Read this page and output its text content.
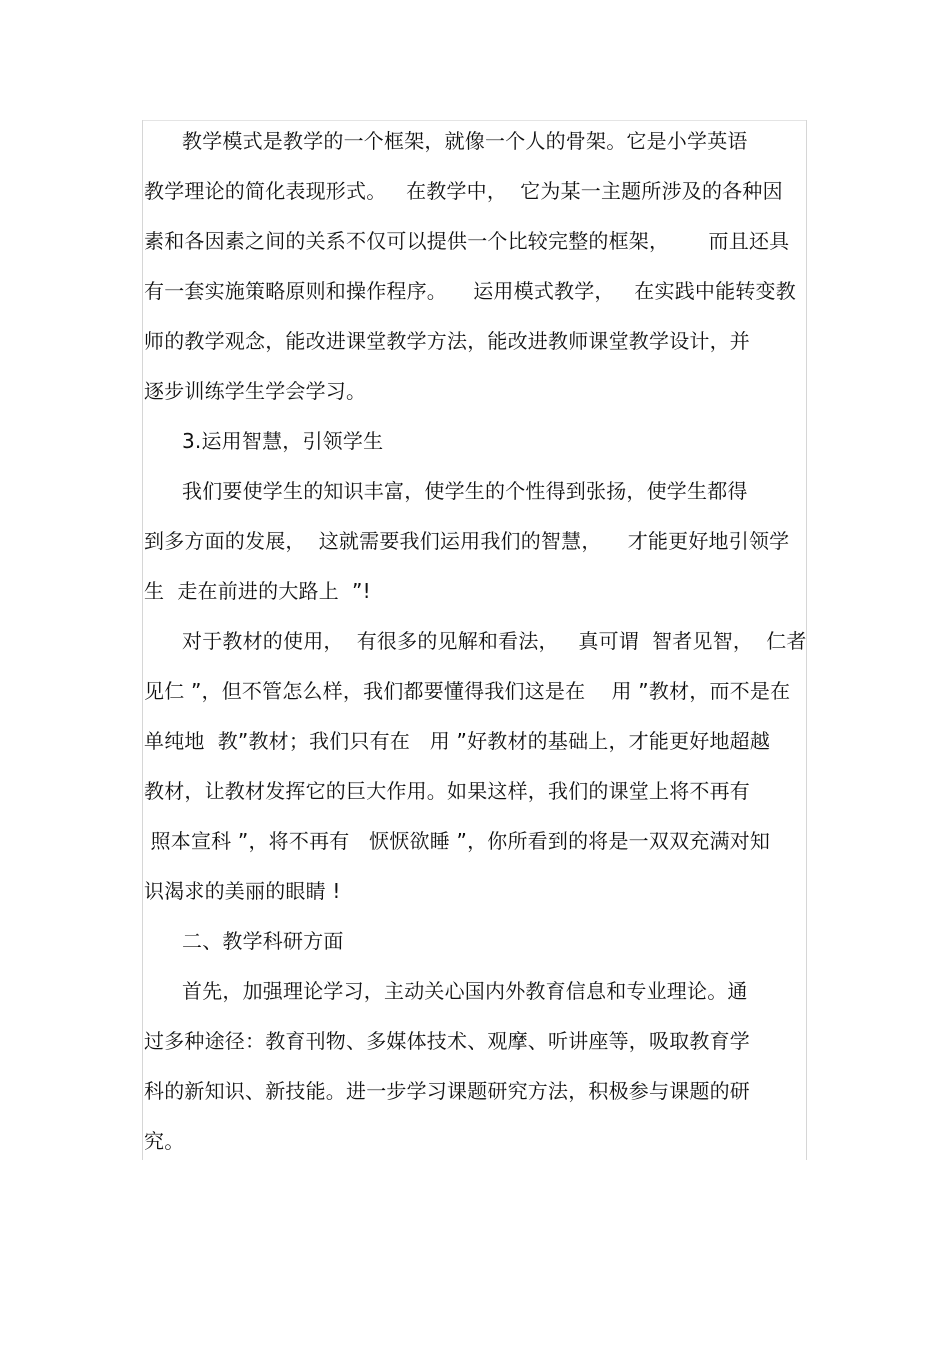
教学模式是教学的一个框架，就像一个人的骨架。它是小学英语
教学理论的简化表现形式。   在教学中，  它为某一主题所涉及的各种因
素和各因素之间的关系不仅可以提供一个比较完整的框架，      而且还具
有一套实施策略原则和操作程序。    运用模式教学，   在实践中能转变教
师的教学观念，能改进课堂教学方法，能改进教师课堂教学设计，并
逐步训练学生学会学习。
3.运用智慧，引领学生
我们要使学生的知识丰富，使学生的个性得到张扬，使学生都得
到多方面的发展，  这就需要我们运用我们的智慧，    才能更好地引领学
生  走在前进的大路上  ”!
对于教材的使用，  有很多的见解和看法，   真可谓  智者见智，  仁者
见仁 ”，但不管怎么样，我们都要懂得我们这是在    用 ”教材，而不是在
单纯地  教”教材；我们只有在   用 ”好教材的基础上，才能更好地超越
教材，让教材发挥它的巨大作用。如果这样，我们的课堂上将不再有
照本宣科 ”，将不再有   恹恹欲睡 ”，你所看到的将是一双双充满对知
识渴求的美丽的眼睛 !
二、教学科研方面
首先，加强理论学习，主动关心国内外教育信息和专业理论。通
过多种途径：教育刊物、多媒体技术、观摩、听讲座等，吸取教育学
科的新知识、新技能。进一步学习课题研究方法，积极参与课题的研
究。
